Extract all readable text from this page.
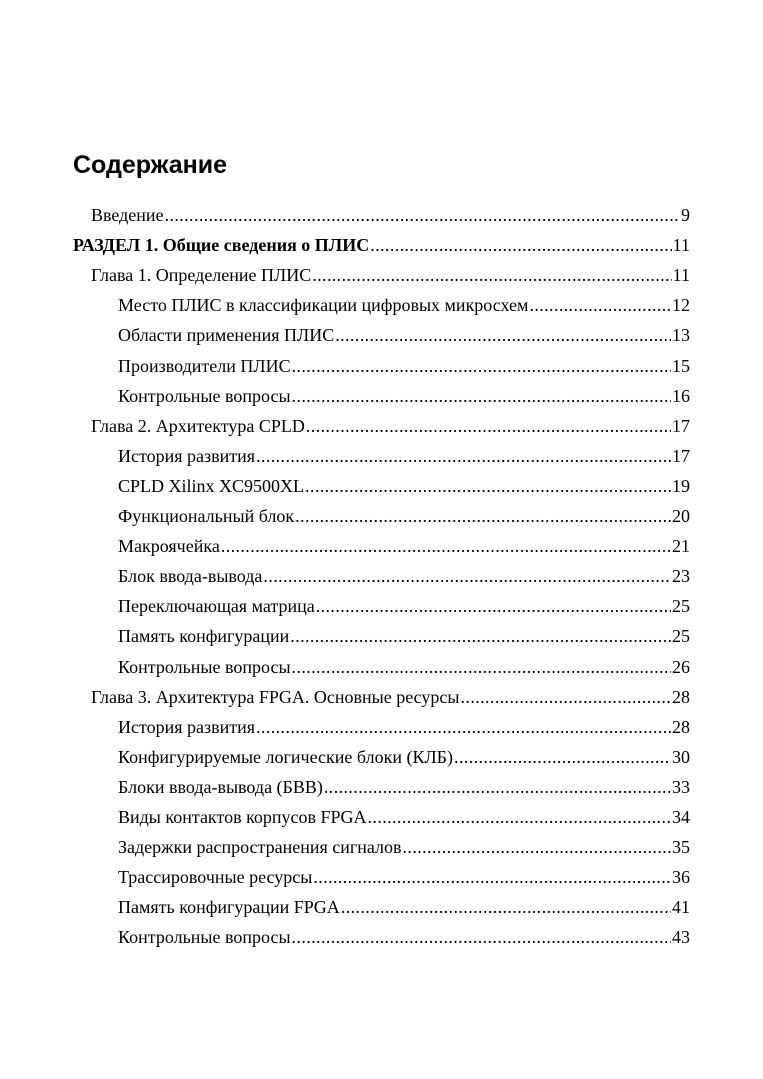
Содержание
Введение .....	9
РАЗДЕЛ 1. Общие сведения о ПЛИС .....	11
Глава 1. Определение ПЛИС .....	11
Место ПЛИС в классификации цифровых микросхем .....	12
Области применения ПЛИС .....	13
Производители ПЛИС .....	15
Контрольные вопросы .....	16
Глава 2. Архитектура CPLD .....	17
История развития .....	17
CPLD Xilinx XC9500XL .....	19
Функциональный блок .....	20
Макроячейка .....	21
Блок ввода-вывода .....	23
Переключающая матрица .....	25
Память конфигурации .....	25
Контрольные вопросы .....	26
Глава 3. Архитектура FPGA. Основные ресурсы .....	28
История развития .....	28
Конфигурируемые логические блоки (КЛБ) .....	30
Блоки ввода-вывода (БВВ) .....	33
Виды контактов корпусов FPGA .....	34
Задержки распространения сигналов .....	35
Трассировочные ресурсы .....	36
Память конфигурации FPGA .....	41
Контрольные вопросы .....	43
